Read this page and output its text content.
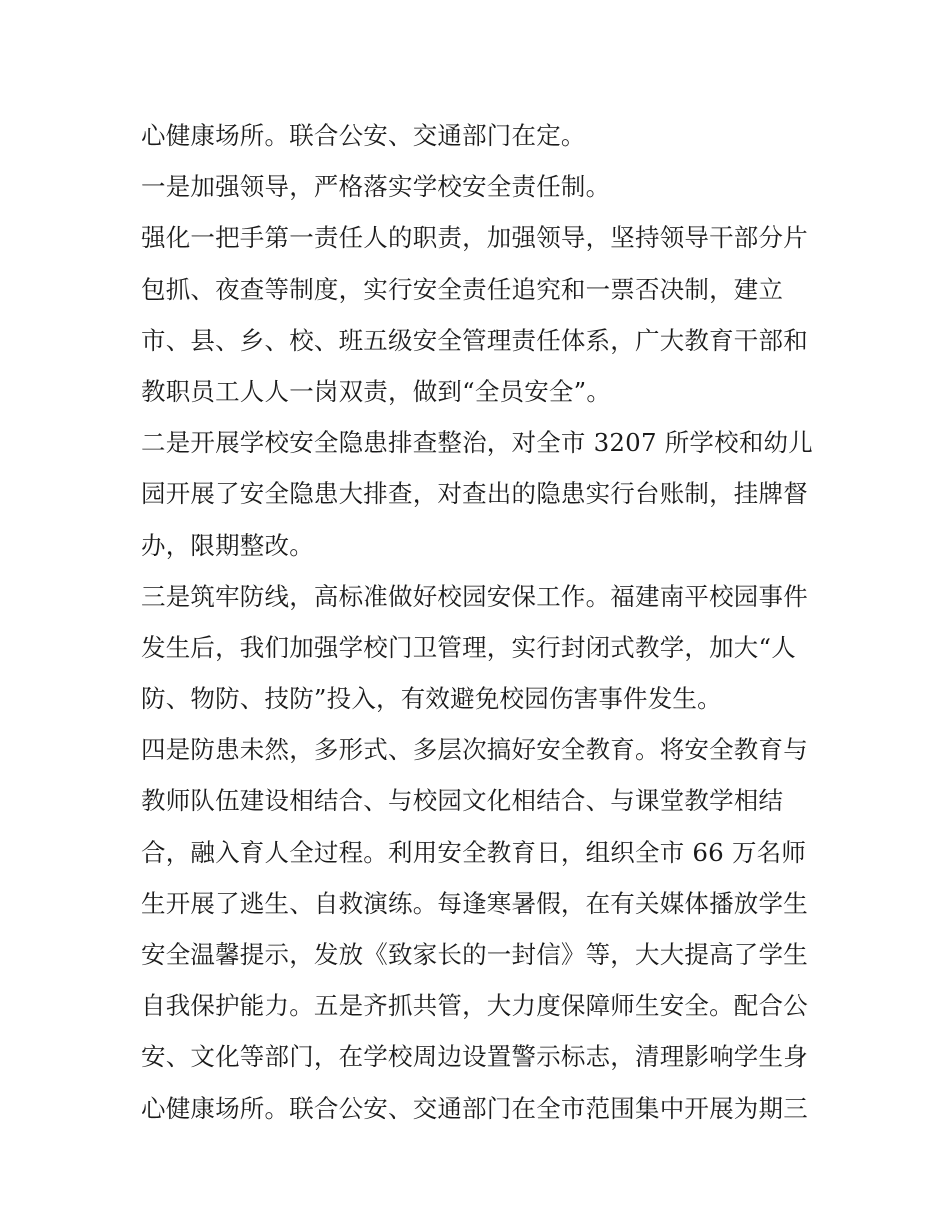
心健康场所。联合公安、交通部门在定。
一是加强领导，严格落实学校安全责任制。
强化一把手第一责任人的职责，加强领导，坚持领导干部分片
包抓、夜查等制度，实行安全责任追究和一票否决制，建立
市、县、乡、校、班五级安全管理责任体系，广大教育干部和
教职员工人人一岗双责，做到“全员安全”。
二是开展学校安全隐患排查整治，对全市 3207 所学校和幼儿
园开展了安全隐患大排查，对查出的隐患实行台账制，挂牌督
办，限期整改。
三是筑牢防线，高标准做好校园安保工作。福建南平校园事件
发生后，我们加强学校门卫管理，实行封闭式教学，加大“人
防、物防、技防”投入，有效避免校园伤害事件发生。
四是防患未然，多形式、多层次搞好安全教育。将安全教育与
教师队伍建设相结合、与校园文化相结合、与课堂教学相结
合，融入育人全过程。利用安全教育日，组织全市 66 万名师
生开展了逃生、自救演练。每逢寒暑假，在有关媒体播放学生
安全温馨提示，发放《致家长的一封信》等，大大提高了学生
自我保护能力。五是齐抓共管，大力度保障师生安全。配合公
安、文化等部门，在学校周边设置警示标志，清理影响学生身
心健康场所。联合公安、交通部门在全市范围集中开展为期三
